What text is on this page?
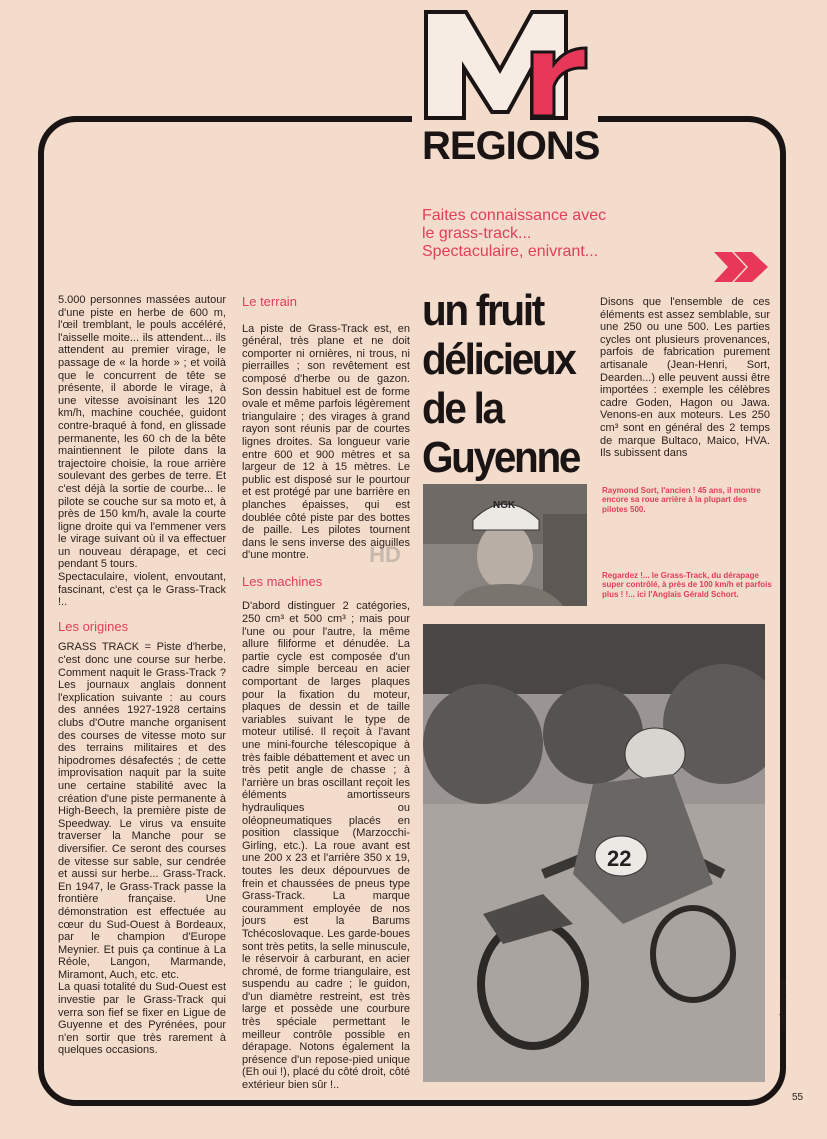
REGIONS
Faites connaissance avec le grass-track... Spectaculaire, enivrant...
un fruit
délicieux
de la
Guyenne

5.000 personnes massées autour d'une piste en herbe de 600 m, l'œil tremblant, le pouls accéléré, l'aisselle moite... ils attendent... ils attendent au premier virage, le passage de « la horde » ; et voilà que le concurrent de tête se présente, il aborde le virage, à une vitesse avoisinant les 120 km/h, machine couchée, guidont contre-braqué à fond, en glissade permanente, les 60 ch de la bête maintiennent le pilote dans la trajectoire choisie, la roue arrière soulevant des gerbes de terre. Et c'est déjà la sortie de courbe... le pilote se couche sur sa moto et, à près de 150 km/h, avale la courte ligne droite qui va l'emmener vers le virage suivant où il va effectuer un nouveau dérapage, et ceci pendant 5 tours.

Spectaculaire, violent, envoutant, fascinant, c'est ça le Grass-Track !..

Les origines

GRASS TRACK = Piste d'herbe, c'est donc une course sur herbe. Comment naquit le Grass-Track ? Les journaux anglais donnent l'explication suivante : au cours des années 1927-1928 certains clubs d'Outre manche organisent des courses de vitesse moto sur des terrains militaires et des hipodromes désafectés ; de cette improvisation naquit par la suite une certaine stabilité avec la création d'une piste permanente à High-Beech, la première piste de Speedway. Le virus va ensuite traverser la Manche pour se diversifier. Ce seront des courses de vitesse sur sable, sur cendrée et aussi sur herbe... Grass-Track. En 1947, le Grass-Track passe la frontière française. Une démonstration est effectuée au cœur du Sud-Ouest à Bordeaux, par le champion d'Europe Meynier. Et puis ça continue à La Réole, Langon, Marmande, Miramont, Auch, etc. etc.

La quasi totalité du Sud-Ouest est investie par le Grass-Track qui verra son fief se fixer en Ligue de Guyenne et des Pyrénées, pour n'en sortir que très rarement à quelques occasions.

Le terrain

La piste de Grass-Track est, en général, très plane et ne doit comporter ni ornières, ni trous, ni pierrailles ; son revêtement est composé d'herbe ou de gazon. Son dessin habituel est de forme ovale et même parfois légèrement triangulaire ; des virages à grand rayon sont réunis par de courtes lignes droites. Sa longueur varie entre 600 et 900 mètres et sa largeur de 12 à 15 mètres. Le public est disposé sur le pourtour et est protégé par une barrière en planches épaisses, qui est doublée côté piste par des bottes de paille. Les pilotes tournent dans le sens inverse des aiguilles d'une montre.

Les machines

D'abord distinguer 2 catégories, 250 cm³ et 500 cm³ ; mais pour l'une ou pour l'autre, la même allure filiforme et dénudée. La partie cycle est composée d'un cadre simple berceau en acier comportant de larges plaques pour la fixation du moteur, plaques de dessin et de taille variables suivant le type de moteur utilisé. Il reçoit à l'avant une mini-fourche télescopique à très faible débattement et avec un très petit angle de chasse ; à l'arrière un bras oscillant reçoit les éléments amortisseurs hydrauliques ou oléopneumatiques placés en position classique (Marzocchi-Girling, etc.). La roue avant est une 200 x 23 et l'arrière 350 x 19, toutes les deux dépourvues de frein et chaussées de pneus type Grass-Track. La marque couramment employée de nos jours est la Barums Tchécoslovaque. Les garde-boues sont très petits, la selle minuscule, le réservoir à carburant, en acier chromé, de forme triangulaire, est suspendu au cadre ; le guidon, d'un diamètre restreint, est très large et possède une courbure très spéciale permettant le meilleur contrôle possible en dérapage. Notons également la présence d'un repose-pied unique (Eh oui !), placé du côté droit, côté extérieur bien sûr !..

Disons que l'ensemble de ces éléments est assez semblable, sur une 250 ou une 500. Les parties cycles ont plusieurs provenances, parfois de fabrication purement artisanale (Jean-Henri, Sort, Dearden...) elle peuvent aussi être importées : exemple les célèbres cadre Goden, Hagon ou Jawa. Venons-en aux moteurs. Les 250 cm³ sont en général des 2 temps de marque Bultaco, Maico, HVA. Ils subissent dans

NGK
Raymond Sort, l'ancien ! 45 ans, il montre encore sa roue arrière à la plupart des pilotes 500.
Regardez !... le Grass-Track, du dérapage super contrôlé, à près de 100 km/h et parfois plus ! !... ici l'Anglais Gérald Schort.
22
HD
moto-revue
55
